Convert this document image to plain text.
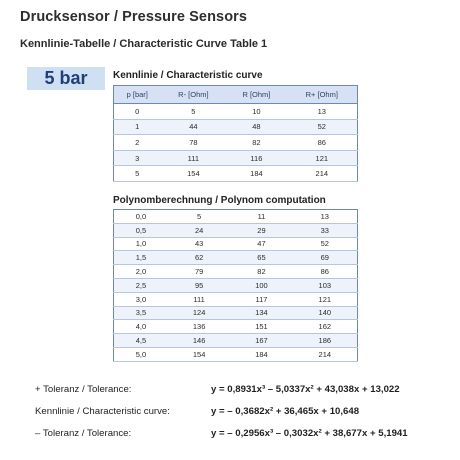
Drucksensor / Pressure Sensors
Kennlinie-Tabelle / Characteristic Curve Table 1
5 bar	Kennlinie / Characteristic curve
p [bar]	R- [Ohm]	R [Ohm]	R+ [Ohm]
0	5	10	13
1	44	48	52
2	78	82	86
3	111	116	121
5	154	184	214
Polynomberechnung / Polynom computation
0,0	5	11	13
0,5	24	29	33
1,0	43	47	52
1,5	62	65	69
2,0	79	82	86
2,5	95	100	103
3,0	111	117	121
3,5	124	134	140
4,0	136	151	162
4,5	146	167	186
5,0	154	184	214
+ Toleranz / Tolerance:	y = 0,8931x³ – 5,0337x² + 43,038x + 13,022
Kennlinie / Characteristic curve:	y = – 0,3682x² + 36,465x + 10,648
– Toleranz / Tolerance:	y = – 0,2956x³ – 0,3032x² + 38,677x + 5,1941
